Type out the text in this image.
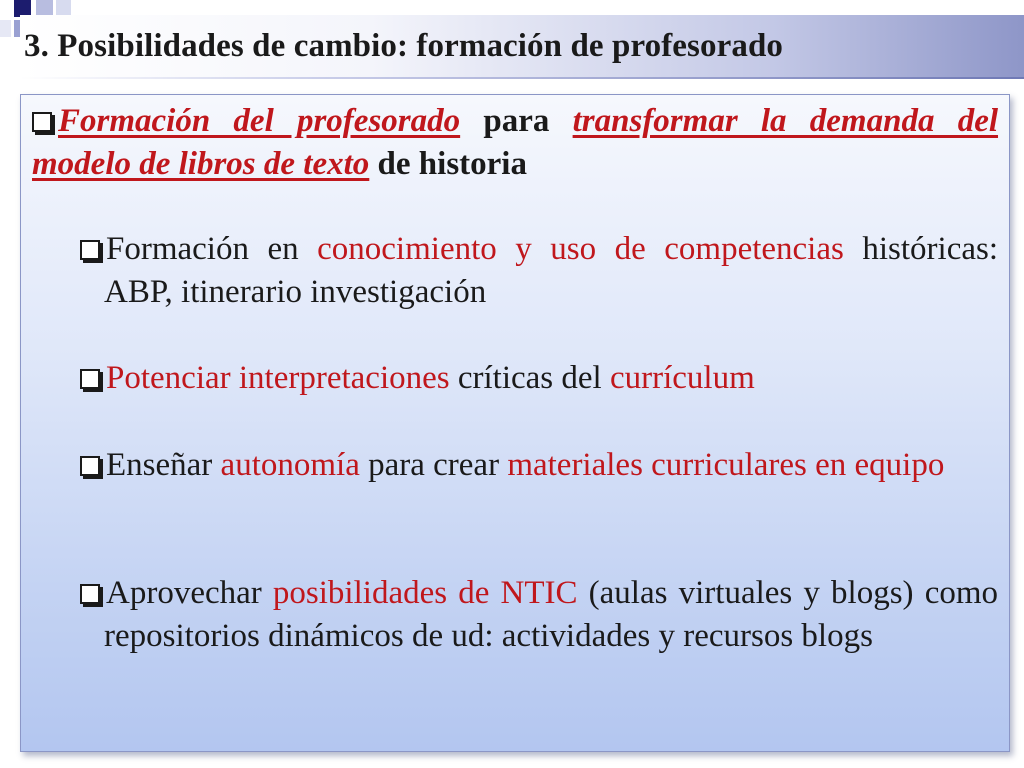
3. Posibilidades de cambio: formación de profesorado

Formación del profesorado para transformar la demanda del modelo de libros de texto de historia

Formación en conocimiento y uso de competencias históricas: ABP, itinerario investigación

Potenciar interpretaciones críticas del currículum

Enseñar autonomía para crear materiales curriculares en equipo

Aprovechar posibilidades de NTIC (aulas virtuales y blogs) como repositorios dinámicos de ud: actividades y recursos blogs
